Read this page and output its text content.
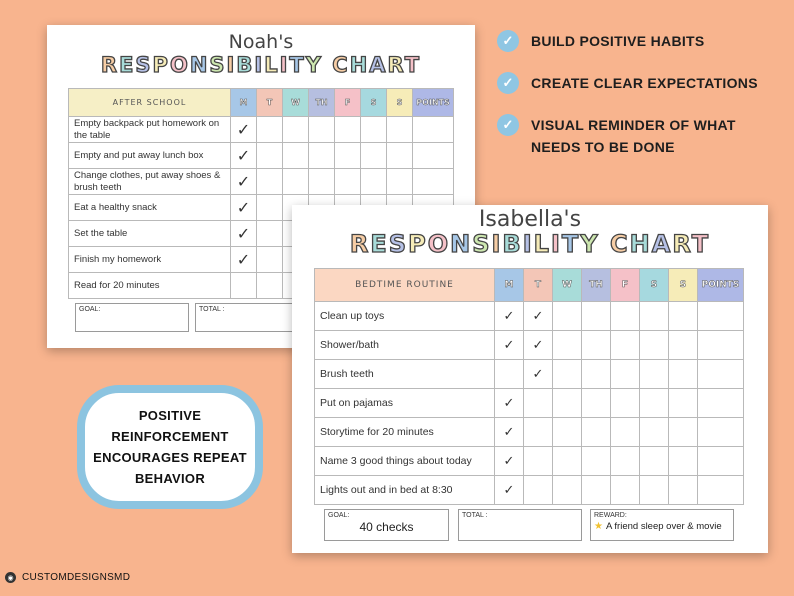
Noah's
RESPONSIBILITY CHART
AFTER SCHOOL	M	T	W	TH	F	S	S	POINTS
Empty backpack put homework on the table	✓							
Empty and put away lunch box	✓							
Change clothes, put away shoes & brush teeth	✓							
Eat a healthy snack	✓							
Set the table	✓							
Finish my homework	✓							
Read for 20 minutes								
GOAL:	TOTAL :
Isabella's
RESPONSIBILITY CHART
BEDTIME ROUTINE	M	T	W	TH	F	S	S	POINTS
Clean up toys	✓	✓						
Shower/bath	✓	✓						
Brush teeth		✓						
Put on pajamas	✓							
Storytime for 20 minutes	✓							
Name 3 good things about today	✓							
Lights out and in bed at 8:30	✓							
GOAL:
40 checks
TOTAL :	REWARD:
★ A friend sleep over & movie
✓	BUILD POSITIVE HABITS
✓	CREATE CLEAR EXPECTATIONS
✓	VISUAL REMINDER OF WHAT NEEDS TO BE DONE
POSITIVE REINFORCEMENT ENCOURAGES REPEAT BEHAVIOR
◉ CUSTOMDESIGNSMD
